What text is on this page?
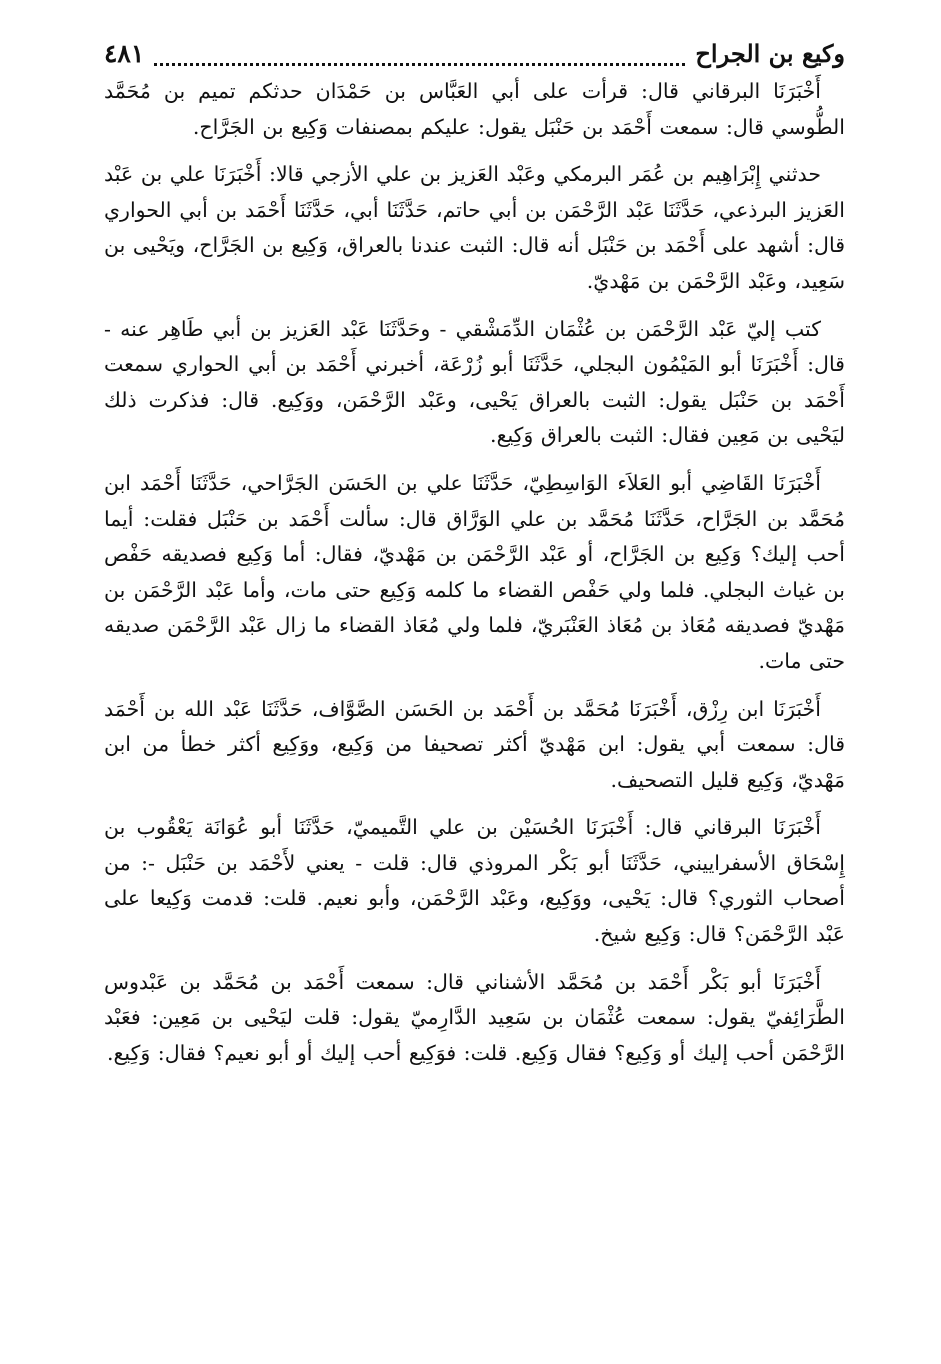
وكيع بن الجراح
٤٨١

أَخْبَرَنَا البرقاني قال: قرأت على أبي العَبَّاس بن حَمْدَان حدثكم تميم بن مُحَمَّد الطُّوسي قال: سمعت أَحْمَد بن حَنْبَل يقول: عليكم بمصنفات وَكِيع بن الجَرَّاح.

حدثني إِبْرَاهِيم بن عُمَر البرمكي وعَبْد العَزيز بن علي الأزجي قالا: أَخْبَرَنَا علي بن عَبْد العَزيز البرذعي، حَدَّثَنَا عَبْد الرَّحْمَن بن أبي حاتم، حَدَّثَنَا أبي، حَدَّثَنَا أَحْمَد بن أبي الحواري قال: أشهد على أَحْمَد بن حَنْبَل أنه قال: الثبت عندنا بالعراق، وَكِيع بن الجَرَّاح، ويَحْيى بن سَعِيد، وعَبْد الرَّحْمَن بن مَهْديّ.

كتب إليّ عَبْد الرَّحْمَن بن عُثْمَان الدِّمَشْقي - وحَدَّثَنَا عَبْد العَزيز بن أبي طَاهِر عنه - قال: أَخْبَرَنَا أبو المَيْمُون البجلي، حَدَّثَنَا أبو زُرْعَة، أخبرني أَحْمَد بن أبي الحواري سمعت أَحْمَد بن حَنْبَل يقول: الثبت بالعراق يَحْيى، وعَبْد الرَّحْمَن، ووَكِيع. قال: فذكرت ذلك ليَحْيى بن مَعِين فقال: الثبت بالعراق وَكِيع.

أَخْبَرَنَا القَاضِي أبو العَلاَء الوَاسِطِيّ، حَدَّثَنَا علي بن الحَسَن الجَرَّاحي، حَدَّثَنَا أَحْمَد ابن مُحَمَّد بن الجَرَّاح، حَدَّثَنَا مُحَمَّد بن علي الوَرَّاق قال: سألت أَحْمَد بن حَنْبَل فقلت: أيما أحب إليك؟ وَكِيع بن الجَرَّاح، أو عَبْد الرَّحْمَن بن مَهْديّ، فقال: أما وَكِيع فصديقه حَفْص بن غياث البجلي. فلما ولي حَفْص القضاء ما كلمه وَكِيع حتى مات، وأما عَبْد الرَّحْمَن بن مَهْديّ فصديقه مُعَاذ بن مُعَاذ العَنْبَريّ، فلما ولي مُعَاذ القضاء ما زال عَبْد الرَّحْمَن صديقه حتى مات.

أَخْبَرَنَا ابن رِزْق، أَخْبَرَنَا مُحَمَّد بن أَحْمَد بن الحَسَن الصَّوَّاف، حَدَّثَنَا عَبْد الله بن أَحْمَد قال: سمعت أبي يقول: ابن مَهْديّ أكثر تصحيفا من وَكِيع، ووَكِيع أكثر خطأ من ابن مَهْديّ، وَكِيع قليل التصحيف.

أَخْبَرَنَا البرقاني قال: أَخْبَرَنَا الحُسَيْن بن علي التَّميميّ، حَدَّثَنَا أبو عُوَانَة يَعْقُوب بن إِسْحَاق الأسفراييني، حَدَّثَنَا أبو بَكْر المروذي قال: قلت - يعني لأَحْمَد بن حَنْبَل -: من أصحاب الثوري؟ قال: يَحْيى، ووَكِيع، وعَبْد الرَّحْمَن، وأبو نعيم. قلت: قدمت وَكِيعا على عَبْد الرَّحْمَن؟ قال: وَكِيع شيخ.

أَخْبَرَنَا أبو بَكْر أَحْمَد بن مُحَمَّد الأشناني قال: سمعت أَحْمَد بن مُحَمَّد بن عَبْدوس الطَّرَائِفيّ يقول: سمعت عُثْمَان بن سَعِيد الدَّارِميّ يقول: قلت ليَحْيى بن مَعِين: فعَبْد الرَّحْمَن أحب إليك أو وَكِيع؟ فقال وَكِيع. قلت: فوَكِيع أحب إليك أو أبو نعيم؟ فقال: وَكِيع.
